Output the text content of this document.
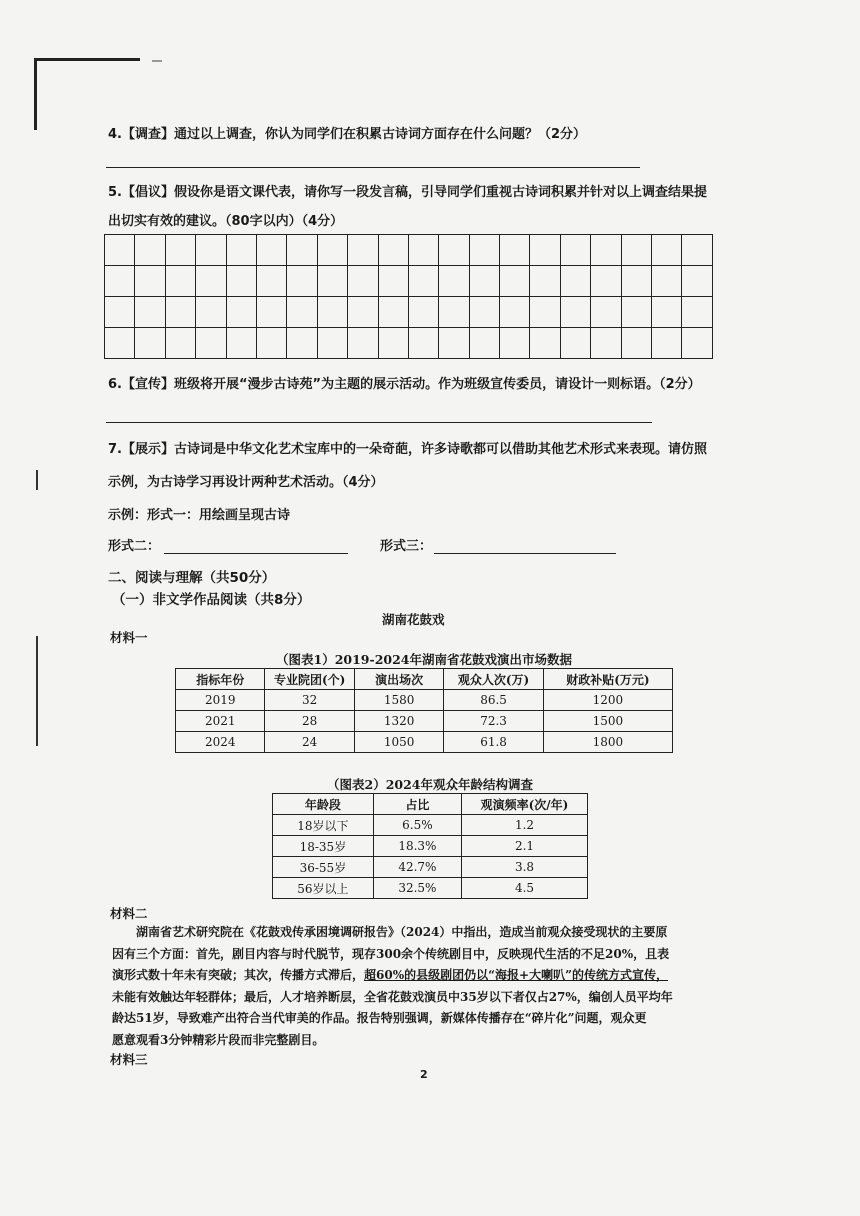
4.【调查】通过以上调查，你认为同学们在积累古诗词方面存在什么问题？（2分）
5.【倡议】假设你是语文课代表，请你写一段发言稿，引导同学们重视古诗词积累并针对以上调查结果提
出切实有效的建议。（80字以内）（4分）

6.【宣传】班级将开展“漫步古诗苑”为主题的展示活动。作为班级宣传委员，请设计一则标语。（2分）
7.【展示】古诗词是中华文化艺术宝库中的一朵奇葩，许多诗歌都可以借助其他艺术形式来表现。请仿照
示例，为古诗学习再设计两种艺术活动。（4分）
示例：形式一：用绘画呈现古诗
形式二：	形式三：
二、阅读与理解（共50分）
（一）非文学作品阅读（共8分）
湖南花鼓戏
材料一
（图表1）2019-2024年湖南省花鼓戏演出市场数据
指标年份	专业院团(个)	演出场次	观众人次(万)	财政补贴(万元)
2019	32	1580	86.5	1200
2021	28	1320	72.3	1500
2024	24	1050	61.8	1800
（图表2）2024年观众年龄结构调查
年龄段	占比	观演频率(次/年)
18岁以下	6.5%	1.2
18-35岁	18.3%	2.1
36-55岁	42.7%	3.8
56岁以上	32.5%	4.5
材料二

湖南省艺术研究院在《花鼓戏传承困境调研报告》（2024）中指出，造成当前观众接受现状的主要原

因有三个方面：首先，剧目内容与时代脱节，现存300余个传统剧目中，反映现代生活的不足20%，且表

演形式数十年未有突破；其次，传播方式滞后，超60%的县级剧团仍以“海报+大喇叭”的传统方式宣传，

未能有效触达年轻群体；最后，人才培养断层，全省花鼓戏演员中35岁以下者仅占27%，编创人员平均年

龄达51岁，导致难产出符合当代审美的作品。报告特别强调，新媒体传播存在“碎片化”问题，观众更

愿意观看3分钟精彩片段而非完整剧目。

材料三
2
